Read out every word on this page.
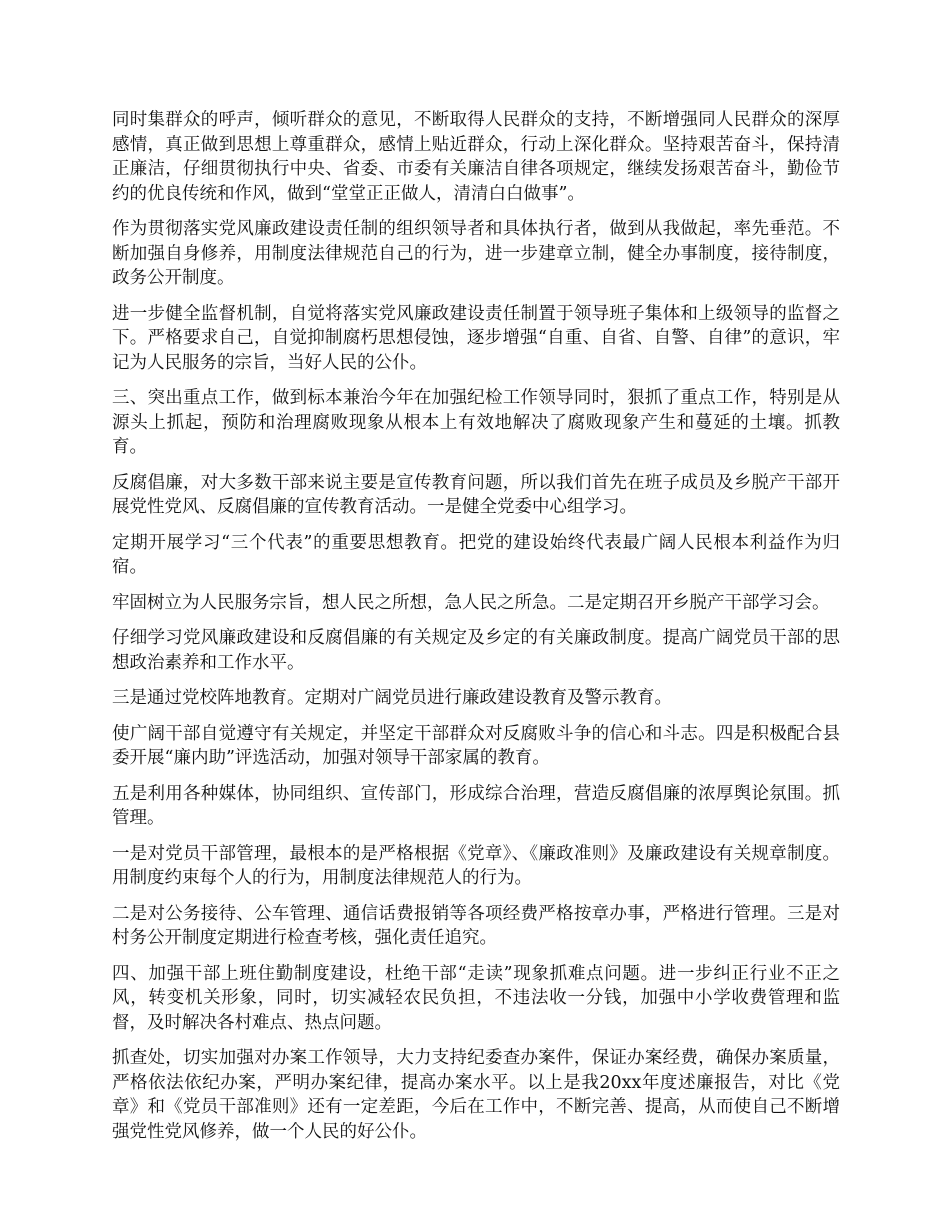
同时集群众的呼声，倾听群众的意见，不断取得人民群众的支持，不断增强同人民群众的深厚感情，真正做到思想上尊重群众，感情上贴近群众，行动上深化群众。坚持艰苦奋斗，保持清正廉洁，仔细贯彻执行中央、省委、市委有关廉洁自律各项规定，继续发扬艰苦奋斗，勤俭节约的优良传统和作风，做到“堂堂正正做人，清清白白做事”。

作为贯彻落实党风廉政建设责任制的组织领导者和具体执行者，做到从我做起，率先垂范。不断加强自身修养，用制度法律规范自己的行为，进一步建章立制，健全办事制度，接待制度，政务公开制度。

进一步健全监督机制，自觉将落实党风廉政建设责任制置于领导班子集体和上级领导的监督之下。严格要求自己，自觉抑制腐朽思想侵蚀，逐步增强“自重、自省、自警、自律”的意识，牢记为人民服务的宗旨，当好人民的公仆。

三、突出重点工作，做到标本兼治今年在加强纪检工作领导同时，狠抓了重点工作，特别是从源头上抓起，预防和治理腐败现象从根本上有效地解决了腐败现象产生和蔓延的土壤。抓教育。

反腐倡廉，对大多数干部来说主要是宣传教育问题，所以我们首先在班子成员及乡脱产干部开展党性党风、反腐倡廉的宣传教育活动。一是健全党委中心组学习。

定期开展学习“三个代表”的重要思想教育。把党的建设始终代表最广阔人民根本利益作为归宿。

牢固树立为人民服务宗旨，想人民之所想，急人民之所急。二是定期召开乡脱产干部学习会。

仔细学习党风廉政建设和反腐倡廉的有关规定及乡定的有关廉政制度。提高广阔党员干部的思想政治素养和工作水平。

三是通过党校阵地教育。定期对广阔党员进行廉政建设教育及警示教育。

使广阔干部自觉遵守有关规定，并坚定干部群众对反腐败斗争的信心和斗志。四是积极配合县委开展“廉内助”评选活动，加强对领导干部家属的教育。

五是利用各种媒体，协同组织、宣传部门，形成综合治理，营造反腐倡廉的浓厚舆论氛围。抓管理。

一是对党员干部管理，最根本的是严格根据《党章》、《廉政准则》及廉政建设有关规章制度。用制度约束每个人的行为，用制度法律规范人的行为。

二是对公务接待、公车管理、通信话费报销等各项经费严格按章办事，严格进行管理。三是对村务公开制度定期进行检查考核，强化责任追究。

四、加强干部上班住勤制度建设，杜绝干部“走读”现象抓难点问题。进一步纠正行业不正之风，转变机关形象，同时，切实减轻农民负担，不违法收一分钱，加强中小学收费管理和监督，及时解决各村难点、热点问题。

抓查处，切实加强对办案工作领导，大力支持纪委查办案件，保证办案经费，确保办案质量，严格依法依纪办案，严明办案纪律，提高办案水平。以上是我20xx年度述廉报告，对比《党章》和《党员干部准则》还有一定差距，今后在工作中，不断完善、提高，从而使自己不断增强党性党风修养，做一个人民的好公仆。
